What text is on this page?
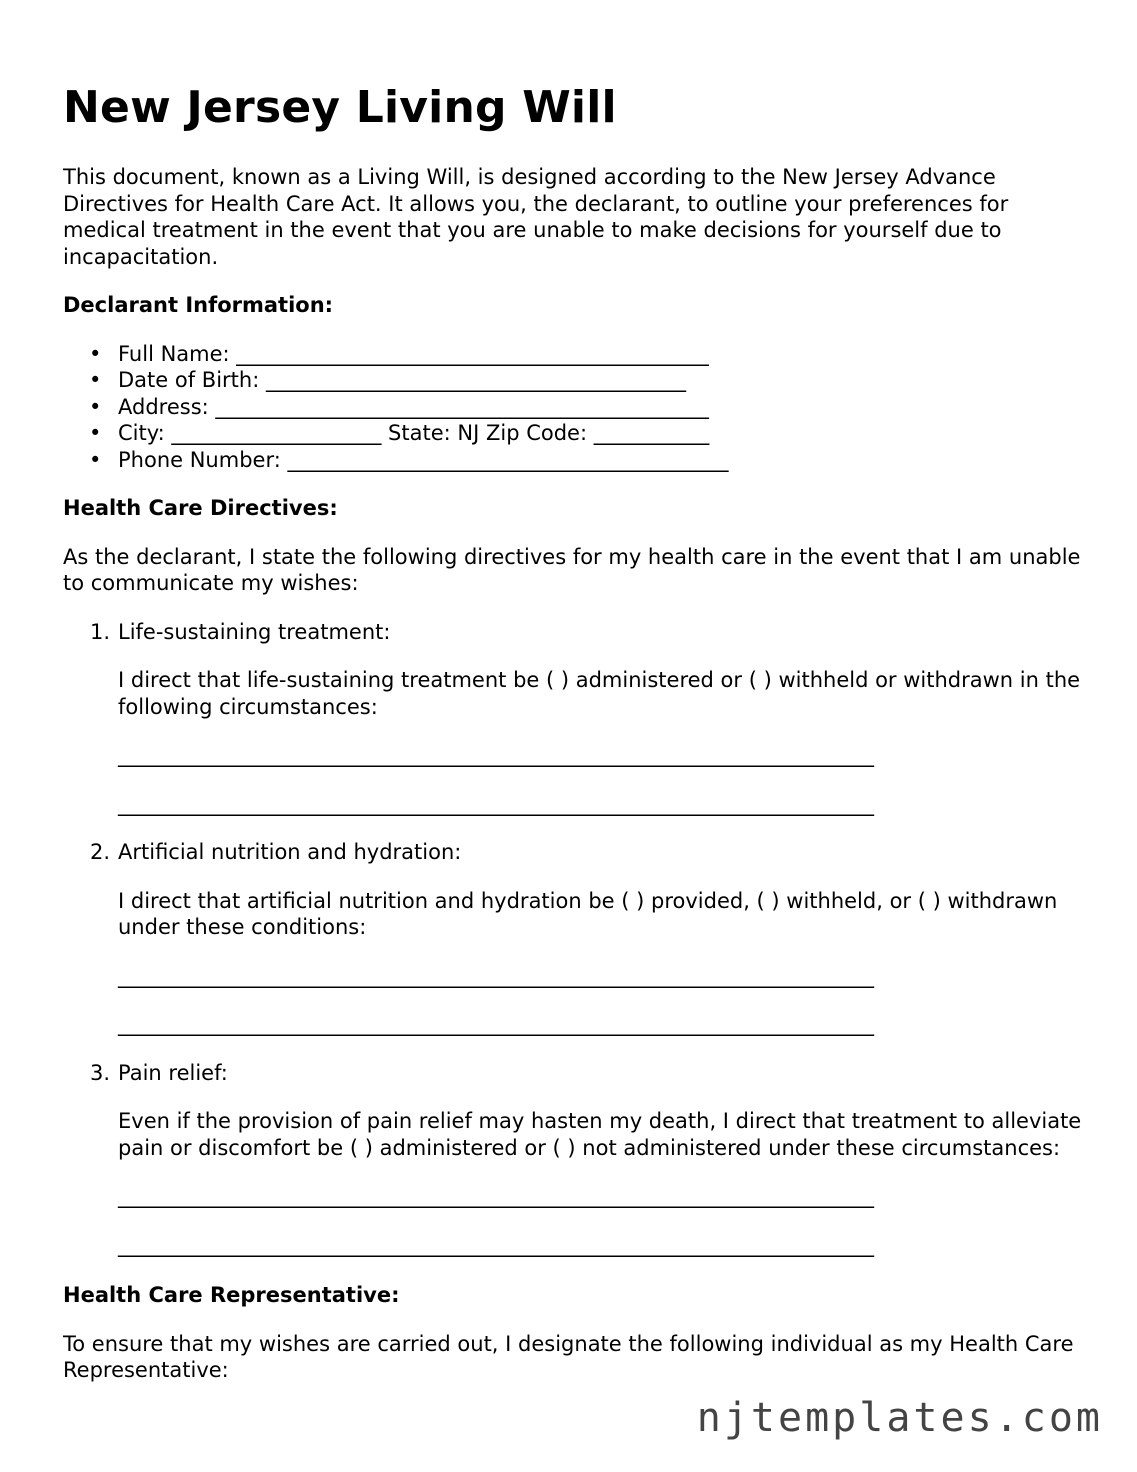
New Jersey Living Will

This document, known as a Living Will, is designed according to the New Jersey Advance Directives for Health Care Act. It allows you, the declarant, to outline your preferences for medical treatment in the event that you are unable to make decisions for yourself due to incapacitation.

Declarant Information:

• Full Name: _____________________________________________
• Date of Birth: ________________________________________
• Address: _______________________________________________
• City: ____________________ State: NJ Zip Code: ___________
• Phone Number: __________________________________________

Health Care Directives:

As the declarant, I state the following directives for my health care in the event that I am unable to communicate my wishes:

1. Life-sustaining treatment:
I direct that life-sustaining treatment be ( ) administered or ( ) withheld or withdrawn in the following circumstances:
________________________________________________________________________
________________________________________________________________________
2. Artificial nutrition and hydration:
I direct that artificial nutrition and hydration be ( ) provided, ( ) withheld, or ( ) withdrawn under these conditions:
________________________________________________________________________
________________________________________________________________________
3. Pain relief:
Even if the provision of pain relief may hasten my death, I direct that treatment to alleviate pain or discomfort be ( ) administered or ( ) not administered under these circumstances:
________________________________________________________________________
________________________________________________________________________

Health Care Representative:

To ensure that my wishes are carried out, I designate the following individual as my Health Care Representative:

njtemplates.com
